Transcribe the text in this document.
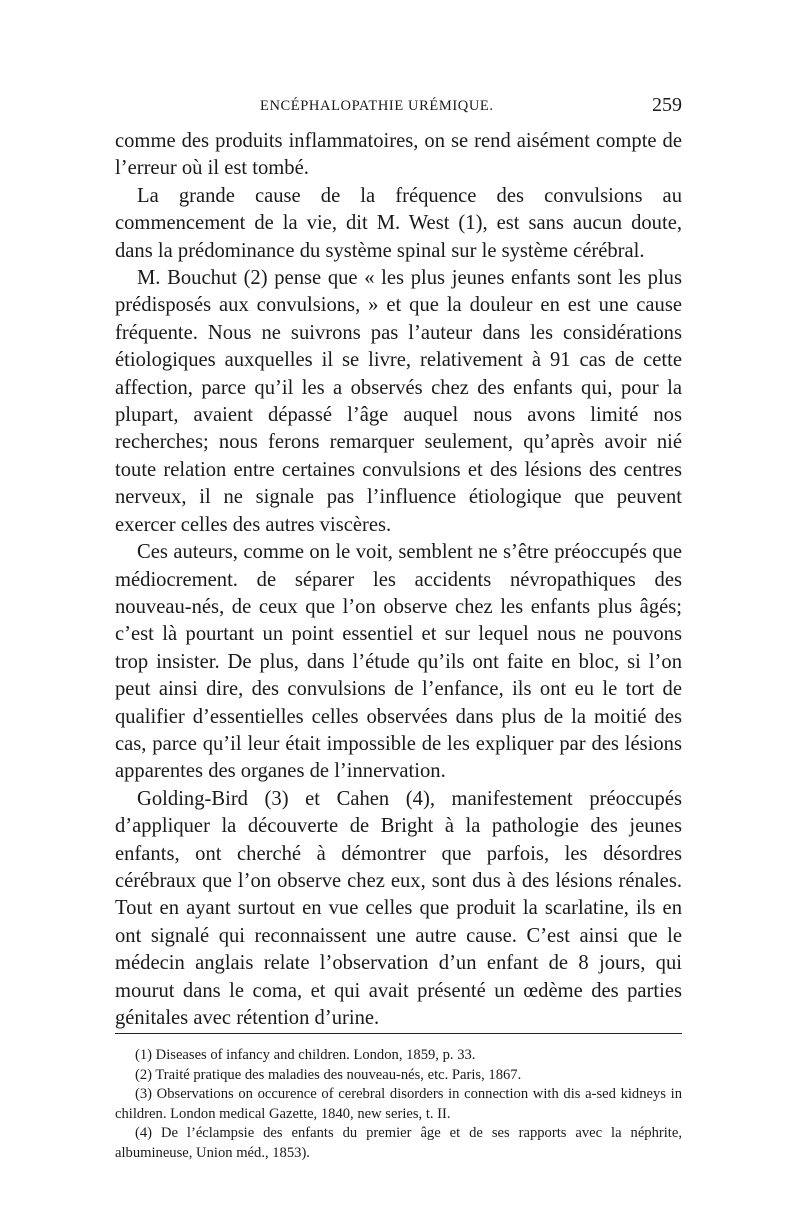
ENCÉPHALOPATHIE URÉMIQUE.	259

comme des produits inflammatoires, on se rend aisément compte de l’erreur où il est tombé.

La grande cause de la fréquence des convulsions au commencement de la vie, dit M. West (1), est sans aucun doute, dans la prédominance du système spinal sur le système cérébral.

M. Bouchut (2) pense que « les plus jeunes enfants sont les plus prédisposés aux convulsions, » et que la douleur en est une cause fréquente. Nous ne suivrons pas l’auteur dans les considérations étiologiques auxquelles il se livre, relativement à 91 cas de cette affection, parce qu’il les a observés chez des enfants qui, pour la plupart, avaient dépassé l’âge auquel nous avons limité nos recherches; nous ferons remarquer seulement, qu’après avoir nié toute relation entre certaines convulsions et des lésions des centres nerveux, il ne signale pas l’influence étiologique que peuvent exercer celles des autres viscères.

Ces auteurs, comme on le voit, semblent ne s’être préoccupés que médiocrement. de séparer les accidents névropathiques des nouveau-nés, de ceux que l’on observe chez les enfants plus âgés; c’est là pourtant un point essentiel et sur lequel nous ne pouvons trop insister. De plus, dans l’étude qu’ils ont faite en bloc, si l’on peut ainsi dire, des convulsions de l’enfance, ils ont eu le tort de qualifier d’essentielles celles observées dans plus de la moitié des cas, parce qu’il leur était impossible de les expliquer par des lésions apparentes des organes de l’innervation.

Golding-Bird (3) et Cahen (4), manifestement préoccupés d’appliquer la découverte de Bright à la pathologie des jeunes enfants, ont cherché à démontrer que parfois, les désordres cérébraux que l’on observe chez eux, sont dus à des lésions rénales. Tout en ayant surtout en vue celles que produit la scarlatine, ils en ont signalé qui reconnaissent une autre cause. C’est ainsi que le médecin anglais relate l’observation d’un enfant de 8 jours, qui mourut dans le coma, et qui avait présenté un œdème des parties génitales avec rétention d’urine.

(1) Diseases of infancy and children. London, 1859, p. 33.

(2) Traité pratique des maladies des nouveau-nés, etc. Paris, 1867.

(3) Observations on occurence of cerebral disorders in connection with dis a-sed kidneys in children. London medical Gazette, 1840, new series, t. II.

(4) De l’éclampsie des enfants du premier âge et de ses rapports avec la néphrite, albumineuse, Union méd., 1853).
